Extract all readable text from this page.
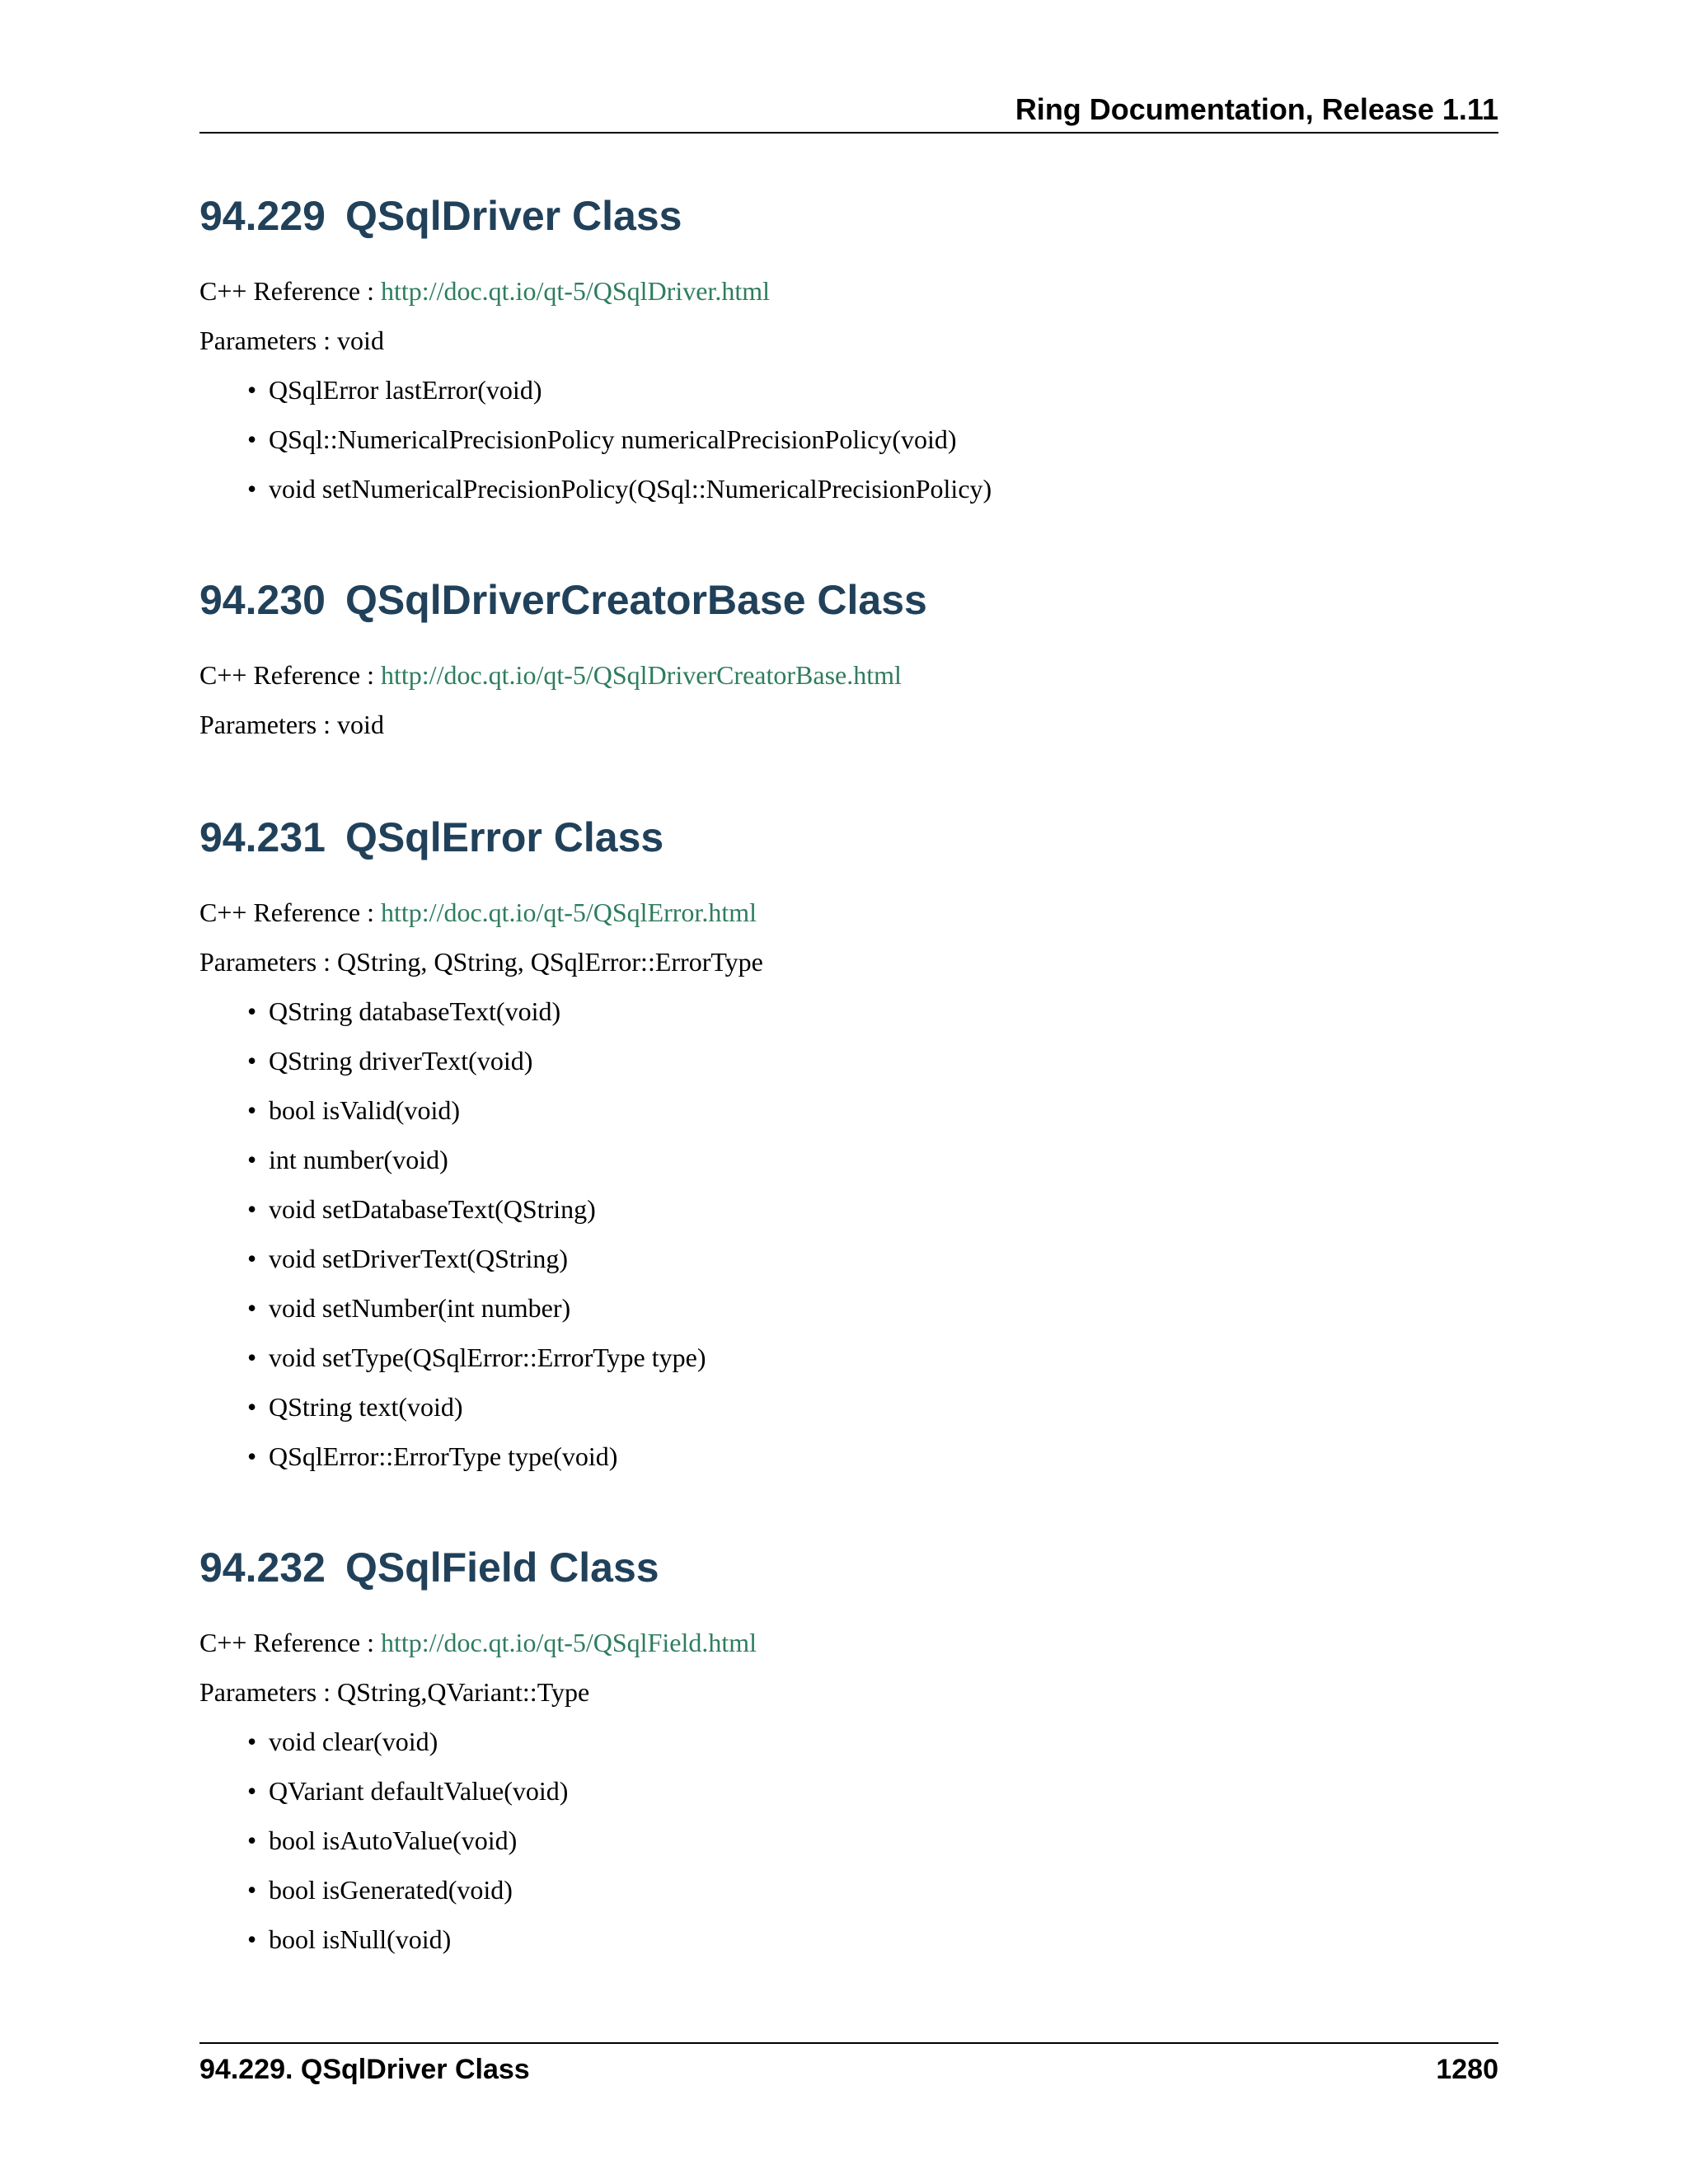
Ring Documentation, Release 1.11
94.229 QSqlDriver Class

C++ Reference : http://doc.qt.io/qt-5/QSqlDriver.html

Parameters : void

• QSqlError lastError(void)
• QSql::NumericalPrecisionPolicy numericalPrecisionPolicy(void)
• void setNumericalPrecisionPolicy(QSql::NumericalPrecisionPolicy)
94.230 QSqlDriverCreatorBase Class

C++ Reference : http://doc.qt.io/qt-5/QSqlDriverCreatorBase.html

Parameters : void

94.231 QSqlError Class

C++ Reference : http://doc.qt.io/qt-5/QSqlError.html

Parameters : QString, QString, QSqlError::ErrorType

• QString databaseText(void)
• QString driverText(void)
• bool isValid(void)
• int number(void)
• void setDatabaseText(QString)
• void setDriverText(QString)
• void setNumber(int number)
• void setType(QSqlError::ErrorType type)
• QString text(void)
• QSqlError::ErrorType type(void)
94.232 QSqlField Class

C++ Reference : http://doc.qt.io/qt-5/QSqlField.html

Parameters : QString,QVariant::Type

• void clear(void)
• QVariant defaultValue(void)
• bool isAutoValue(void)
• bool isGenerated(void)
• bool isNull(void)
94.229. QSqlDriver Class	1280
